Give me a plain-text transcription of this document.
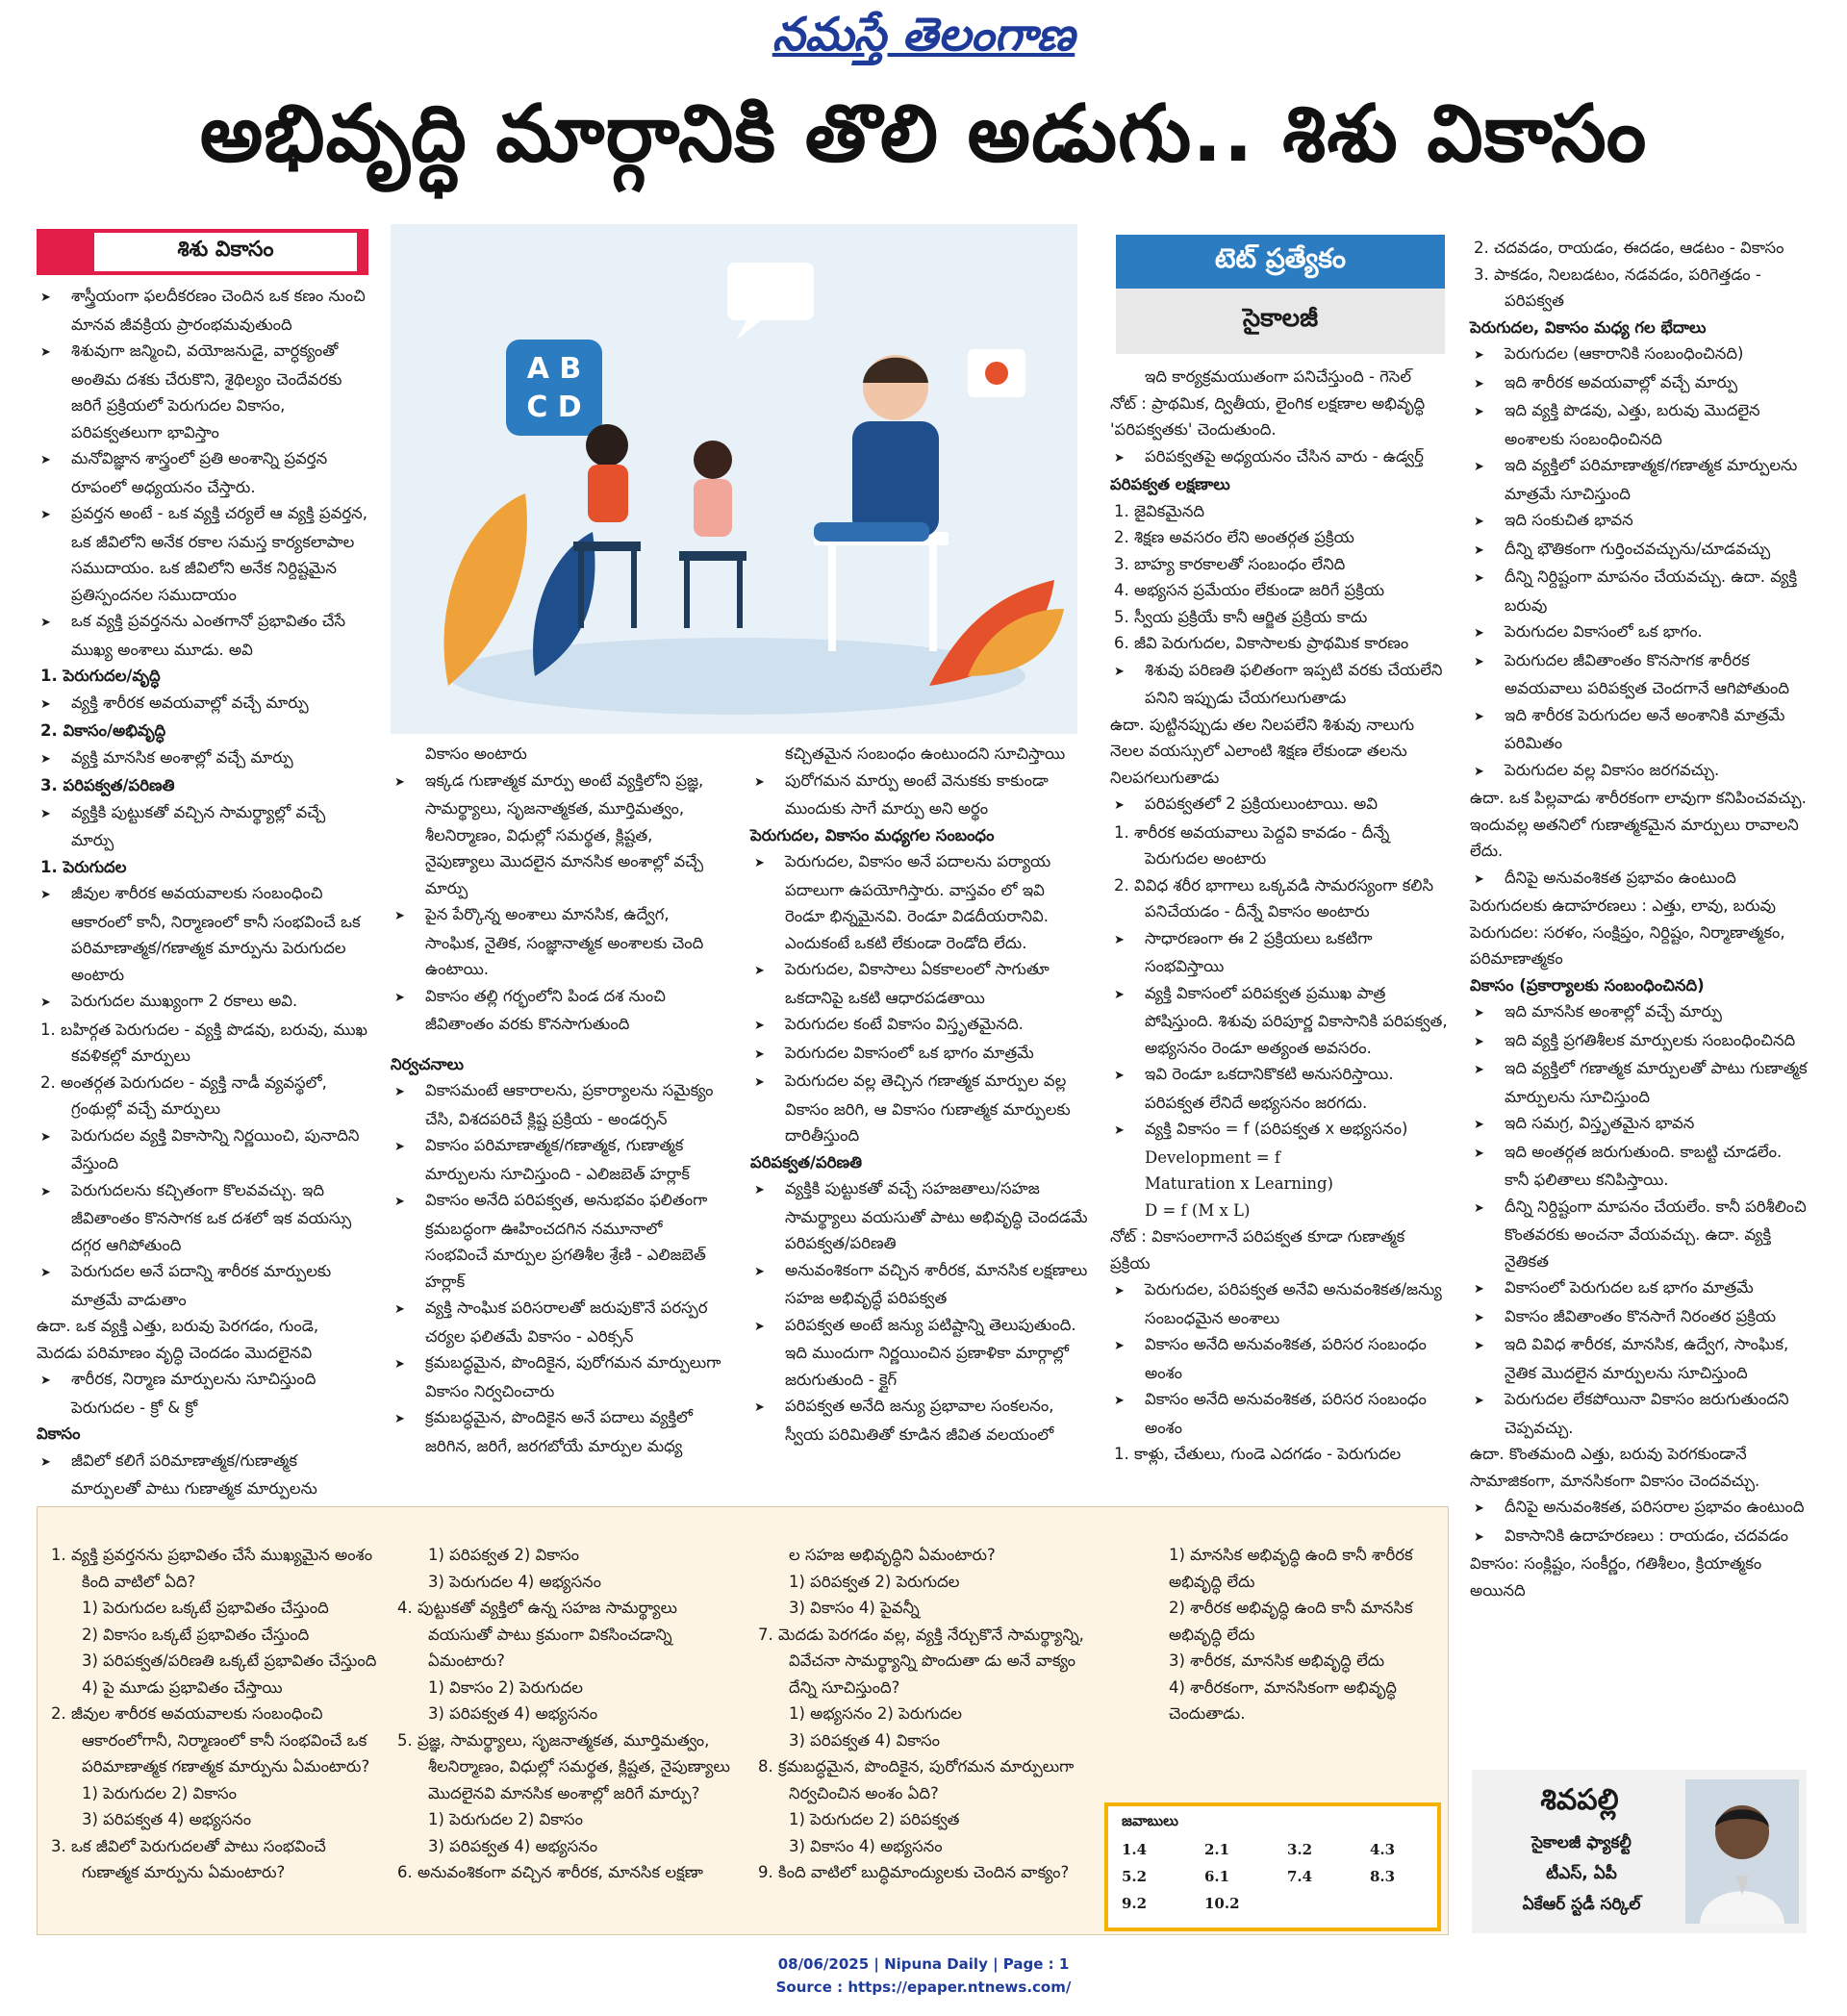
నమస్తే తెలంగాణ
అభివృద్ధి మార్గానికి తొలి అడుగు.. శిశు వికాసం
శిశు వికాసం
➤ శాస్త్రీయంగా ఫలదీకరణం చెందిన ఒక కణం నుంచి మానవ జీవక్రియ ప్రారంభమవుతుంది
➤ శిశువుగా జన్మించి, వయోజనుడై, వార్ధక్యంతో అంతిమ దశకు చేరుకొని, శైథిల్యం చెందేవరకు జరిగే ప్రక్రియలో పెరుగుదల వికాసం, పరిపక్వతలుగా భావిస్తాం
➤ మనోవిజ్ఞాన శాస్త్రంలో ప్రతి అంశాన్ని ప్రవర్తన రూపంలో అధ్యయనం చేస్తారు.
➤ ప్రవర్తన అంటే - ఒక వ్యక్తి చర్యలే ఆ వ్యక్తి ప్రవర్తన, ఒక జీవిలోని అనేక రకాల సమస్త కార్యకలాపాల సముదాయం. ఒక జీవిలోని అనేక నిర్దిష్టమైన ప్రతిస్పందనల సముదాయం
➤ ఒక వ్యక్తి ప్రవర్తనను ఎంతగానో ప్రభావితం చేసే ముఖ్య అంశాలు మూడు. అవి
1. పెరుగుదల/వృద్ధి
➤ వ్యక్తి శారీరక అవయవాల్లో వచ్చే మార్పు
2. వికాసం/అభివృద్ధి
➤ వ్యక్తి మానసిక అంశాల్లో వచ్చే మార్పు
3. పరిపక్వత/పరిణతి
➤ వ్యక్తికి పుట్టుకతో వచ్చిన సామర్థ్యాల్లో వచ్చే మార్పు
1. పెరుగుదల
➤ జీవుల శారీరక అవయవాలకు సంబంధించి ఆకారంలో కానీ, నిర్మాణంలో కానీ సంభవించే ఒక పరిమాణాత్మక/గణాత్మక మార్పును పెరుగుదల అంటారు
➤ పెరుగుదల ముఖ్యంగా 2 రకాలు అవి.
1. బహిర్గత పెరుగుదల - వ్యక్తి పొడవు, బరువు, ముఖ కవళికల్లో మార్పులు
2. అంతర్గత పెరుగుదల - వ్యక్తి నాడీ వ్యవస్థలో, గ్రంథుల్లో వచ్చే మార్పులు
➤ పెరుగుదల వ్యక్తి వికాసాన్ని నిర్ణయించి, పునాదిని వేస్తుంది
➤ పెరుగుదలను కచ్చితంగా కొలవవచ్చు. ఇది జీవితాంతం కొనసాగక ఒక దశలో ఇక వయస్సు దగ్గర ఆగిపోతుంది
➤ పెరుగుదల అనే పదాన్ని శారీరక మార్పులకు మాత్రమే వాడుతాం
ఉదా. ఒక వ్యక్తి ఎత్తు, బరువు పెరగడం, గుండె, మెదడు పరిమాణం వృద్ధి చెందడం మొదలైనవి
➤ శారీరక, నిర్మాణ మార్పులను సూచిస్తుంది పెరుగుదల - క్రో & క్రో
వికాసం
➤ జీవిలో కలిగే పరిమాణాత్మక/గుణాత్మక మార్పులతో పాటు గుణాత్మక మార్పులను
A B
C D
వికాసం అంటారు
➤ ఇక్కడ గుణాత్మక మార్పు అంటే వ్యక్తిలోని ప్రజ్ఞ, సామర్థ్యాలు, సృజనాత్మకత, మూర్తిమత్వం, శీలనిర్మాణం, విధుల్లో సమర్థత, క్లిష్టత, నైపుణ్యాలు మొదలైన మానసిక అంశాల్లో వచ్చే మార్పు
➤ పైన పేర్కొన్న అంశాలు మానసిక, ఉద్వేగ, సాంఘిక, నైతిక, సంజ్ఞానాత్మక అంశాలకు చెంది ఉంటాయి.
➤ వికాసం తల్లి గర్భంలోని పిండ దశ నుంచి జీవితాంతం వరకు కొనసాగుతుంది
నిర్వచనాలు
➤ వికాసమంటే ఆకారాలను, ప్రకార్యాలను సమైక్యం చేసి, విశదపరిచే క్లిష్ట ప్రక్రియ - అండర్సన్
➤ వికాసం పరిమాణాత్మక/గణాత్మక, గుణాత్మక మార్పులను సూచిస్తుంది - ఎలిజబెత్ హర్లాక్
➤ వికాసం అనేది పరిపక్వత, అనుభవం ఫలితంగా క్రమబద్ధంగా ఊహించదగిన నమూనాలో సంభవించే మార్పుల ప్రగతిశీల శ్రేణి - ఎలిజబెత్ హర్లాక్
➤ వ్యక్తి సాంఘిక పరిసరాలతో జరుపుకొనే పరస్పర చర్యల ఫలితమే వికాసం - ఎరిక్సన్
➤ క్రమబద్ధమైన, పొందికైన, పురోగమన మార్పులుగా వికాసం నిర్వచించారు
➤ క్రమబద్ధమైన, పొందికైన అనే పదాలు వ్యక్తిలో జరిగిన, జరిగే, జరగబోయే మార్పుల మధ్య
కచ్చితమైన సంబంధం ఉంటుందని సూచిస్తాయి
➤ పురోగమన మార్పు అంటే వెనుకకు కాకుండా ముందుకు సాగే మార్పు అని అర్థం
పెరుగుదల, వికాసం మధ్యగల సంబంధం
➤ పెరుగుదల, వికాసం అనే పదాలను పర్యాయ పదాలుగా ఉపయోగిస్తారు. వాస్తవం లో ఇవి రెండూ భిన్నమైనవి. రెండూ విడదీయరానివి. ఎందుకంటే ఒకటి లేకుండా రెండోది లేదు.
➤ పెరుగుదల, వికాసాలు ఏకకాలంలో సాగుతూ ఒకదానిపై ఒకటి ఆధారపడతాయి
➤ పెరుగుదల కంటే వికాసం విస్తృతమైనది.
➤ పెరుగుదల వికాసంలో ఒక భాగం మాత్రమే
➤ పెరుగుదల వల్ల తెచ్చిన గణాత్మక మార్పుల వల్ల వికాసం జరిగి, ఆ వికాసం గుణాత్మక మార్పులకు దారితీస్తుంది
పరిపక్వత/పరిణతి
➤ వ్యక్తికి పుట్టుకతో వచ్చే సహజతాలు/సహజ సామర్థ్యాలు వయసుతో పాటు అభివృద్ధి చెందడమే పరిపక్వత/పరిణతి
➤ అనువంశికంగా వచ్చిన శారీరక, మానసిక లక్షణాలు సహజ అభివృద్ధే పరిపక్వత
➤ పరిపక్వత అంటే జన్యు పటిష్టాన్ని తెలుపుతుంది. ఇది ముందుగా నిర్ణయించిన ప్రణాళికా మార్గాల్లో జరుగుతుంది - క్లైగ్
➤ పరిపక్వత అనేది జన్యు ప్రభావాల సంకలనం, స్వీయ పరిమితితో కూడిన జీవిత వలయంలో
టెట్ ప్రత్యేకం
సైకాలజీ
ఇది కార్యక్రమయుతంగా పనిచేస్తుంది - గెసెల్
నోట్ : ప్రాథమిక, ద్వితీయ, లైంగిక లక్షణాల అభివృద్ధి 'పరిపక్వతకు' చెందుతుంది.
➤ పరిపక్వతపై అధ్యయనం చేసిన వారు - ఉడ్వర్త్
పరిపక్వత లక్షణాలు
1. జైవికమైనది
2. శిక్షణ అవసరం లేని అంతర్గత ప్రక్రియ
3. బాహ్య కారకాలతో సంబంధం లేనిది
4. అభ్యసన ప్రమేయం లేకుండా జరిగే ప్రక్రియ
5. స్వీయ ప్రక్రియే కానీ ఆర్జిత ప్రక్రియ కాదు
6. జీవి పెరుగుదల, వికాసాలకు ప్రాథమిక కారణం
➤ శిశువు పరిణతి ఫలితంగా ఇప్పటి వరకు చేయలేని పనిని ఇప్పుడు చేయగలుగుతాడు
ఉదా. పుట్టినప్పుడు తల నిలపలేని శిశువు నాలుగు నెలల వయస్సులో ఎలాంటి శిక్షణ లేకుండా తలను నిలపగలుగుతాడు
➤ పరిపక్వతలో 2 ప్రక్రియలుంటాయి. అవి
1. శారీరక అవయవాలు పెద్దవి కావడం - దీన్నే పెరుగుదల అంటారు
2. వివిధ శరీర భాగాలు ఒక్కవడి సామరస్యంగా కలిసి పనిచేయడం - దీన్నే వికాసం అంటారు
➤ సాధారణంగా ఈ 2 ప్రక్రియలు ఒకటిగా సంభవిస్తాయి
➤ వ్యక్తి వికాసంలో పరిపక్వత ప్రముఖ పాత్ర పోషిస్తుంది. శిశువు పరిపూర్ణ వికాసానికి పరిపక్వత, అభ్యసనం రెండూ అత్యంత అవసరం.
➤ ఇవి రెండూ ఒకదానికొకటి అనుసరిస్తాయి. పరిపక్వత లేనిదే అభ్యసనం జరగదు.
➤ వ్యక్తి వికాసం = f (పరిపక్వత x అభ్యసనం)
Development = f
Maturation x Learning)
D = f (M x L)
నోట్ : వికాసంలాగానే పరిపక్వత కూడా గుణాత్మక ప్రక్రియ
➤ పెరుగుదల, పరిపక్వత అనేవి అనువంశికత/జన్యు సంబంధమైన అంశాలు
➤ వికాసం అనేది అనువంశికత, పరిసర సంబంధం అంశం
➤ వికాసం అనేది అనువంశికత, పరిసర సంబంధం అంశం
1. కాళ్లు, చేతులు, గుండె ఎదగడం - పెరుగుదల
2. చదవడం, రాయడం, ఈదడం, ఆడటం - వికాసం
3. పాకడం, నిలబడటం, నడవడం, పరిగెత్తడం - పరిపక్వత
పెరుగుదల, వికాసం మధ్య గల భేదాలు
➤ పెరుగుదల (ఆకారానికి సంబంధించినది)
➤ ఇది శారీరక అవయవాల్లో వచ్చే మార్పు
➤ ఇది వ్యక్తి పొడవు, ఎత్తు, బరువు మొదలైన అంశాలకు సంబంధించినది
➤ ఇది వ్యక్తిలో పరిమాణాత్మక/గణాత్మక మార్పులను మాత్రమే సూచిస్తుంది
➤ ఇది సంకుచిత భావన
➤ దీన్ని భౌతికంగా గుర్తించవచ్చును/చూడవచ్చు
➤ దీన్ని నిర్దిష్టంగా మాపనం చేయవచ్చు. ఉదా. వ్యక్తి బరువు
➤ పెరుగుదల వికాసంలో ఒక భాగం.
➤ పెరుగుదల జీవితాంతం కొనసాగక శారీరక అవయవాలు పరిపక్వత చెందగానే ఆగిపోతుంది
➤ ఇది శారీరక పెరుగుదల అనే అంశానికి మాత్రమే పరిమితం
➤ పెరుగుదల వల్ల వికాసం జరగవచ్చు.
ఉదా. ఒక పిల్లవాడు శారీరకంగా లావుగా కనిపించవచ్చు. ఇందువల్ల అతనిలో గుణాత్మకమైన మార్పులు రావాలని లేదు.
➤ దీనిపై అనువంశికత ప్రభావం ఉంటుంది
పెరుగుదలకు ఉదాహరణలు : ఎత్తు, లావు, బరువు
పెరుగుదల: సరళం, సంక్షిప్తం, నిర్దిష్టం, నిర్మాణాత్మకం, పరిమాణాత్మకం
వికాసం (ప్రకార్యాలకు సంబంధించినది)
➤ ఇది మానసిక అంశాల్లో వచ్చే మార్పు
➤ ఇది వ్యక్తి ప్రగతిశీలక మార్పులకు సంబంధించినది
➤ ఇది వ్యక్తిలో గణాత్మక మార్పులతో పాటు గుణాత్మక మార్పులను సూచిస్తుంది
➤ ఇది సమగ్ర, విస్తృతమైన భావన
➤ ఇది అంతర్గత జరుగుతుంది. కాబట్టి చూడలేం. కానీ ఫలితాలు కనిపిస్తాయి.
➤ దీన్ని నిర్దిష్టంగా మాపనం చేయలేం. కానీ పరిశీలించి కొంతవరకు అంచనా వేయవచ్చు. ఉదా. వ్యక్తి నైతికత
➤ వికాసంలో పెరుగుదల ఒక భాగం మాత్రమే
➤ వికాసం జీవితాంతం కొనసాగే నిరంతర ప్రక్రియ
➤ ఇది వివిధ శారీరక, మానసిక, ఉద్వేగ, సాంఘిక, నైతిక మొదలైన మార్పులను సూచిస్తుంది
➤ పెరుగుదల లేకపోయినా వికాసం జరుగుతుందని చెప్పవచ్చు.
ఉదా. కొంతమంది ఎత్తు, బరువు పెరగకుండానే సామాజికంగా, మానసికంగా వికాసం చెందవచ్చు.
➤ దీనిపై అనువంశికత, పరిసరాల ప్రభావం ఉంటుంది
➤ వికాసానికి ఉదాహరణలు : రాయడం, చదవడం
వికాసం: సంక్లిష్టం, సంకీర్ణం, గతిశీలం, క్రియాత్మకం అయినది
1. వ్యక్తి ప్రవర్తనను ప్రభావితం చేసే ముఖ్యమైన అంశం కింది వాటిలో ఏది?
1) పెరుగుదల ఒక్కటే ప్రభావితం చేస్తుంది
2) వికాసం ఒక్కటే ప్రభావితం చేస్తుంది
3) పరిపక్వత/పరిణతి ఒక్కటే ప్రభావితం చేస్తుంది
4) పై మూడు ప్రభావితం చేస్తాయి
2. జీవుల శారీరక అవయవాలకు సంబంధించి ఆకారంలోగానీ, నిర్మాణంలో కానీ సంభవించే ఒక పరిమాణాత్మక గణాత్మక మార్పును ఏమంటారు?
1) పెరుగుదల 2) వికాసం
3) పరిపక్వత 4) అభ్యసనం
3. ఒక జీవిలో పెరుగుదలతో పాటు సంభవించే గుణాత్మక మార్పును ఏమంటారు?
1) పరిపక్వత 2) వికాసం
3) పెరుగుదల 4) అభ్యసనం
4. పుట్టుకతో వ్యక్తిలో ఉన్న సహజ సామర్థ్యాలు వయసుతో పాటు క్రమంగా వికసించడాన్ని ఏమంటారు?
1) వికాసం 2) పెరుగుదల
3) పరిపక్వత 4) అభ్యసనం
5. ప్రజ్ఞ, సామర్థ్యాలు, సృజనాత్మకత, మూర్తిమత్వం, శీలనిర్మాణం, విధుల్లో సమర్థత, క్లిష్టత, నైపుణ్యాలు మొదలైనవి మానసిక అంశాల్లో జరిగే మార్పు?
1) పెరుగుదల 2) వికాసం
3) పరిపక్వత 4) అభ్యసనం
6. అనువంశికంగా వచ్చిన శారీరక, మానసిక లక్షణా
ల సహజ అభివృద్ధిని ఏమంటారు?
1) పరిపక్వత 2) పెరుగుదల
3) వికాసం 4) పైవన్నీ
7. మెదడు పెరగడం వల్ల, వ్యక్తి నేర్చుకొనే సామర్థ్యాన్ని, వివేచనా సామర్థ్యాన్ని పొందుతా డు అనే వాక్యం దేన్ని సూచిస్తుంది?
1) అభ్యసనం 2) పెరుగుదల
3) పరిపక్వత 4) వికాసం
8. క్రమబద్ధమైన, పొందికైన, పురోగమన మార్పులుగా నిర్వచించిన అంశం ఏది?
1) పెరుగుదల 2) పరిపక్వత
3) వికాసం 4) అభ్యసనం
9. కింది వాటిలో బుద్ధిమాంద్యులకు చెందిన వాక్యం?
1) మానసిక అభివృద్ధి ఉంది కానీ శారీరక అభివృద్ధి లేదు
2) శారీరక అభివృద్ధి ఉంది కానీ మానసిక అభివృద్ధి లేదు
3) శారీరక, మానసిక అభివృద్ధి లేదు
4) శారీరకంగా, మానసికంగా అభివృద్ధి చెందుతాడు.
జవాబులు
1.4	2.1	3.2	4.3
5.2	6.1	7.4	8.3
9.2	10.2
శివపల్లి
సైకాలజీ ఫ్యాకల్టీ
టీఎస్, ఏపీ
ఏకేఆర్ స్టడీ సర్కిల్
08/06/2025 | Nipuna Daily | Page : 1
Source : https://epaper.ntnews.com/
